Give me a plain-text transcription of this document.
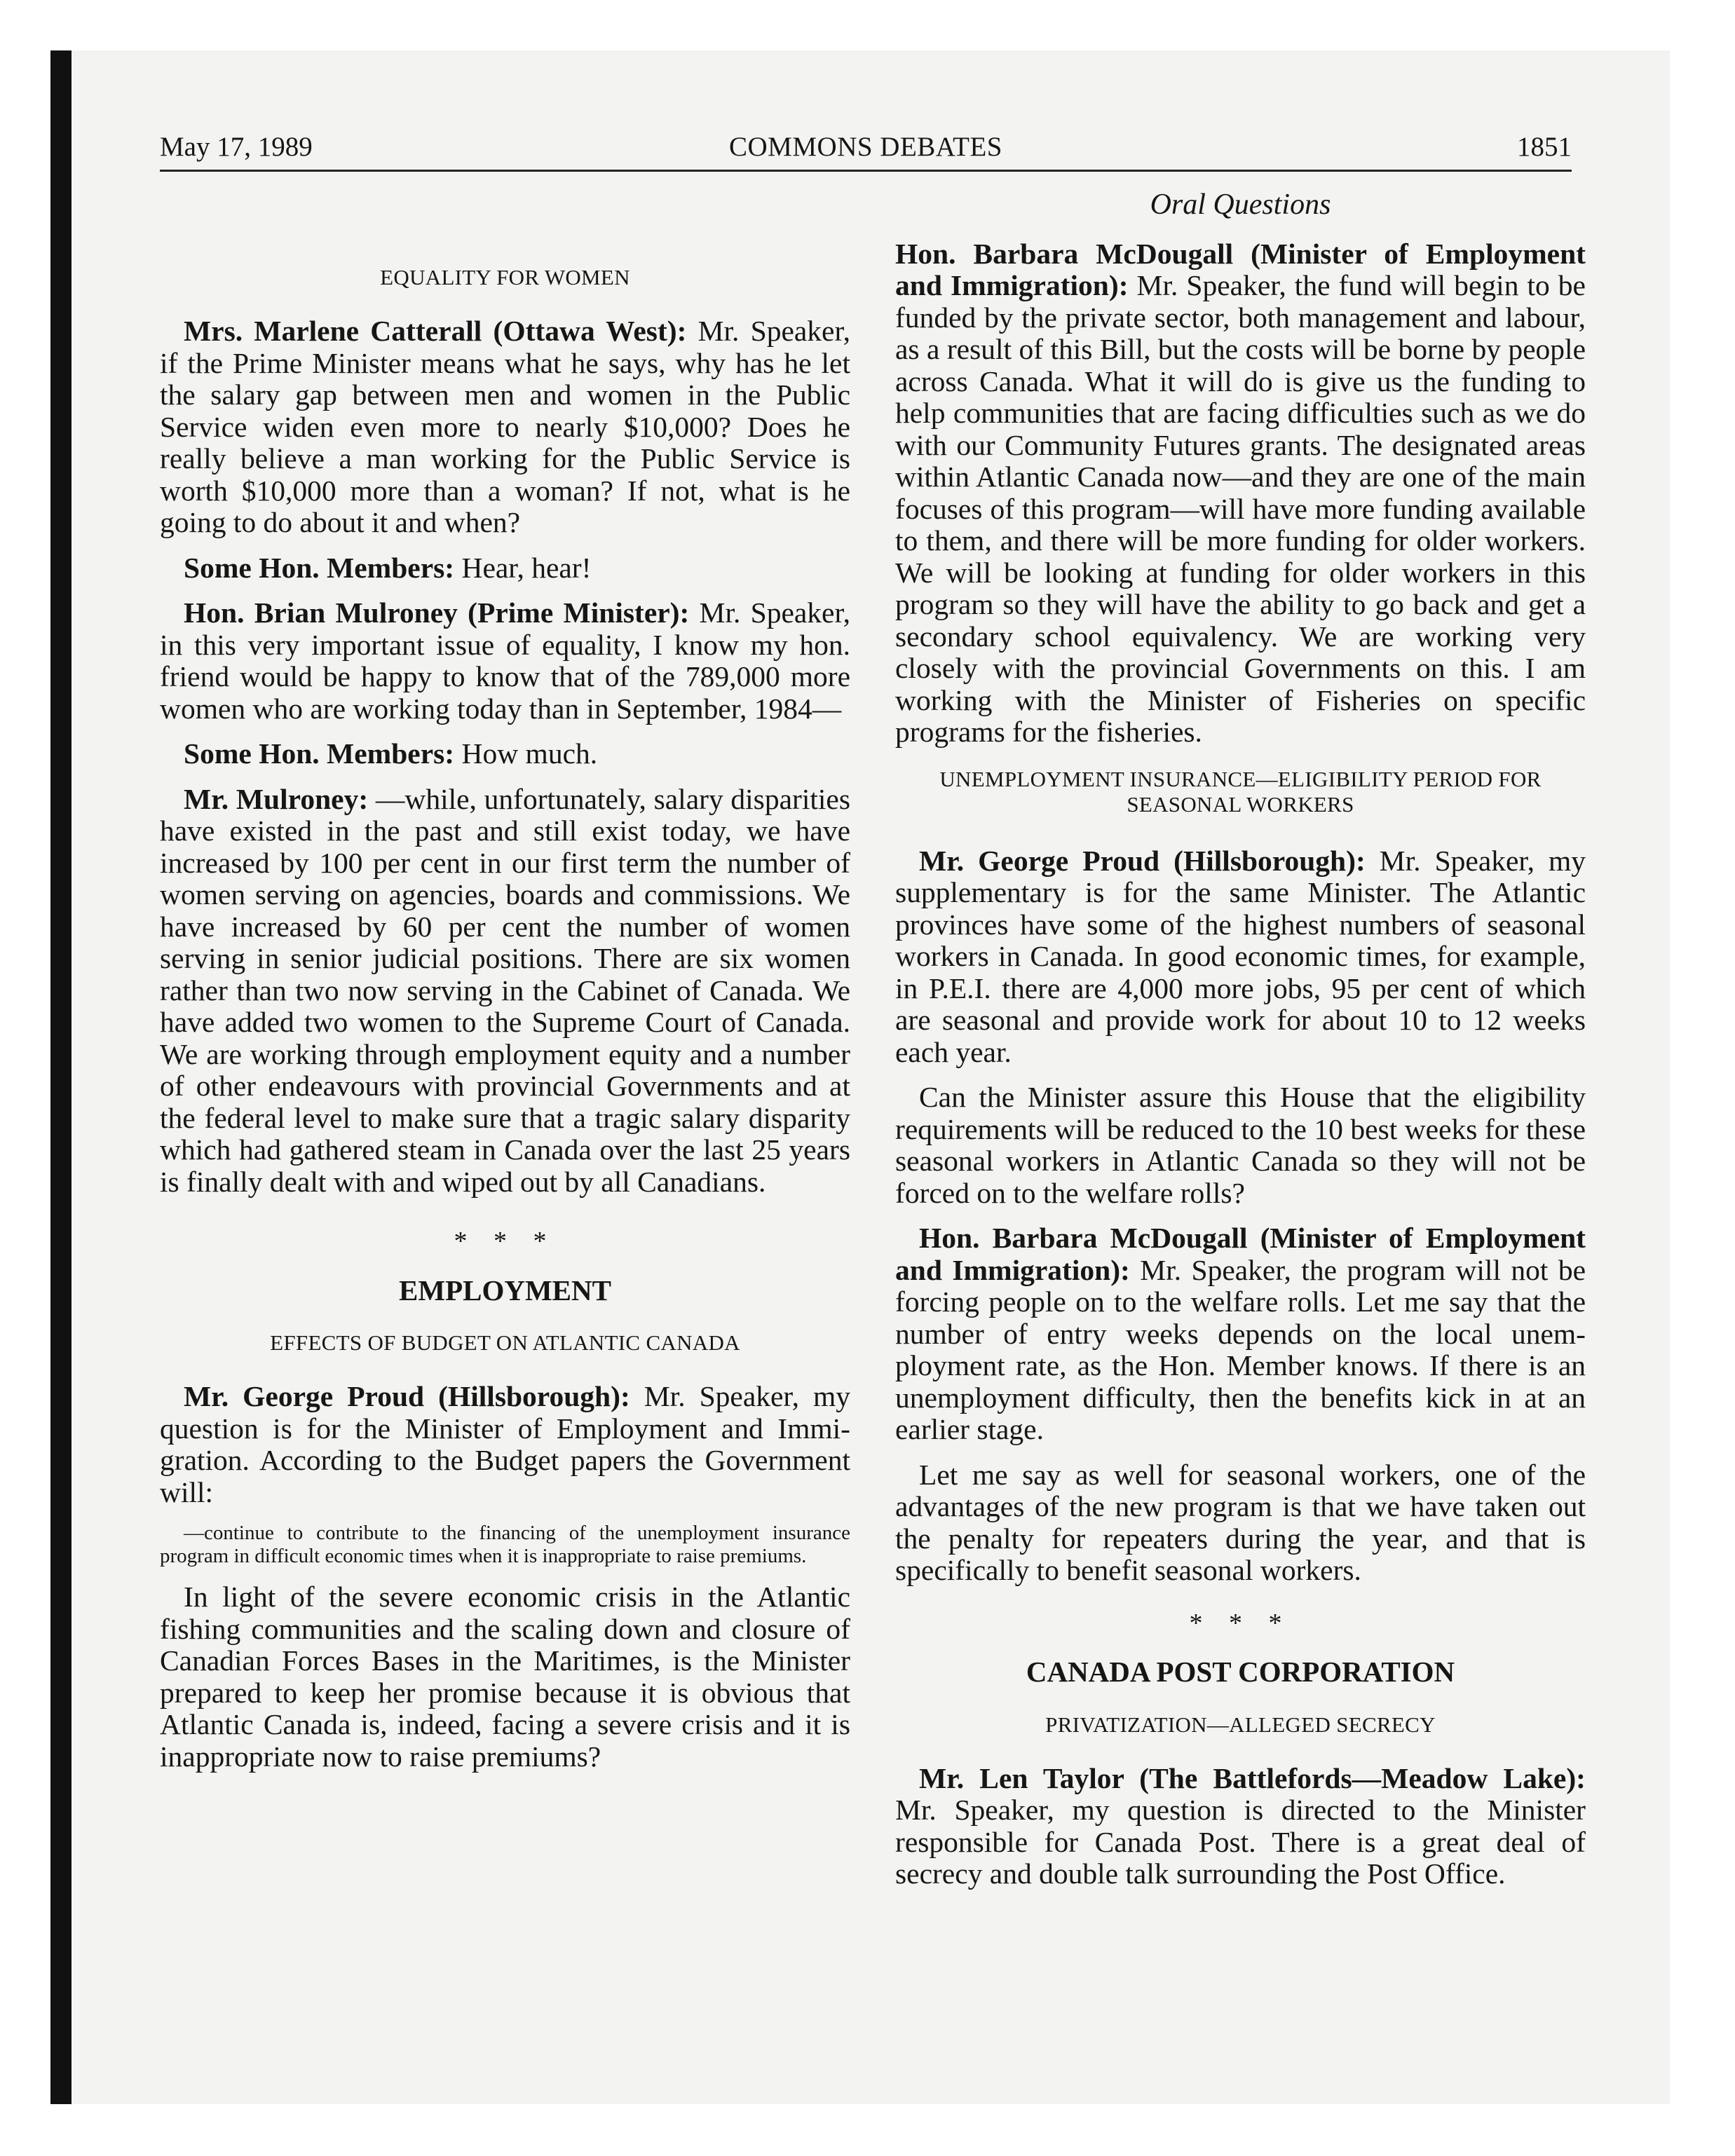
May 17, 1989	COMMONS DEBATES	1851
EQUALITY FOR WOMEN

Mrs. Marlene Catterall (Ottawa West): Mr. Speaker, if the Prime Minister means what he says, why has he let the salary gap between men and women in the Public Service widen even more to nearly $10,000? Does he really believe a man working for the Public Service is worth $10,000 more than a woman? If not, what is he going to do about it and when?

Some Hon. Members: Hear, hear!

Hon. Brian Mulroney (Prime Minister): Mr. Speaker, in this very important issue of equality, I know my hon. friend would be happy to know that of the 789,000 more women who are working today than in September, 1984—

Some Hon. Members: How much.

Mr. Mulroney: —while, unfortunately, salary disparities have existed in the past and still exist today, we have increased by 100 per cent in our first term the number of women serving on agencies, boards and commissions. We have increased by 60 per cent the number of women serving in senior judicial positions. There are six women rather than two now serving in the Cabinet of Canada. We have added two women to the Supreme Court of Canada. We are working through employment equity and a number of other endeavours with provincial Governments and at the federal level to make sure that a tragic salary disparity which had gathered steam in Canada over the last 25 years is finally dealt with and wiped out by all Canadians.

* * *
EMPLOYMENT
EFFECTS OF BUDGET ON ATLANTIC CANADA

Mr. George Proud (Hillsborough): Mr. Speaker, my question is for the Minister of Employment and Immigration. According to the Budget papers the Government will:

—continue to contribute to the financing of the unemployment insurance program in difficult economic times when it is inappropriate to raise premiums.

In light of the severe economic crisis in the Atlantic fishing communities and the scaling down and closure of Canadian Forces Bases in the Maritimes, is the Minister prepared to keep her promise because it is obvious that Atlantic Canada is, indeed, facing a severe crisis and it is inappropriate now to raise premiums?

Oral Questions

Hon. Barbara McDougall (Minister of Employment and Immigration): Mr. Speaker, the fund will begin to be funded by the private sector, both management and labour, as a result of this Bill, but the costs will be borne by people across Canada. What it will do is give us the funding to help communities that are facing difficulties such as we do with our Community Futures grants. The designated areas within Atlantic Canada now—and they are one of the main focuses of this program—will have more funding available to them, and there will be more funding for older workers. We will be looking at funding for older workers in this program so they will have the ability to go back and get a secondary school equivalency. We are working very closely with the provincial Governments on this. I am working with the Minister of Fisheries on specific programs for the fisheries.

UNEMPLOYMENT INSURANCE—ELIGIBILITY PERIOD FOR SEASONAL WORKERS

Mr. George Proud (Hillsborough): Mr. Speaker, my supplementary is for the same Minister. The Atlantic provinces have some of the highest numbers of seasonal workers in Canada. In good economic times, for example, in P.E.I. there are 4,000 more jobs, 95 per cent of which are seasonal and provide work for about 10 to 12 weeks each year.

Can the Minister assure this House that the eligibility requirements will be reduced to the 10 best weeks for these seasonal workers in Atlantic Canada so they will not be forced on to the welfare rolls?

Hon. Barbara McDougall (Minister of Employment and Immigration): Mr. Speaker, the program will not be forcing people on to the welfare rolls. Let me say that the number of entry weeks depends on the local unemployment rate, as the Hon. Member knows. If there is an unemployment difficulty, then the benefits kick in at an earlier stage.

Let me say as well for seasonal workers, one of the advantages of the new program is that we have taken out the penalty for repeaters during the year, and that is specifically to benefit seasonal workers.

* * *
CANADA POST CORPORATION
PRIVATIZATION—ALLEGED SECRECY

Mr. Len Taylor (The Battlefords—Meadow Lake): Mr. Speaker, my question is directed to the Minister responsible for Canada Post. There is a great deal of secrecy and double talk surrounding the Post Office.
